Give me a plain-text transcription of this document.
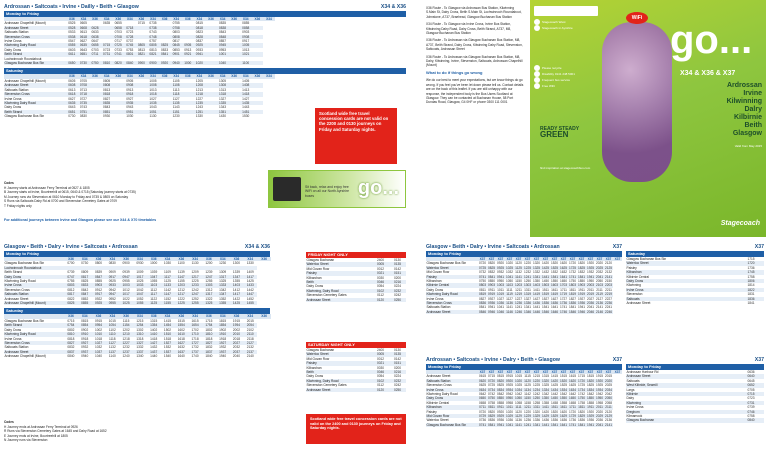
Ardrossan • Saltcoats • Irvine • Dailly • Beith • Glasgow	X34 & X36
Monday to Friday
	X36	X34	X36	X34	X36	X34	X36	X34	X36	X34	X36	X34	X36	X34	X36	X34	X36	X34
Ardrossan Chapelhill (Mount)	0525	0605		0635	0655		0715	0735		0755		0815		0835		0855		
Ardrossan Street	0528	0608	0628		0658	0718		0738		0758		0818		0838		0858		
Saltcoats Station	0533	0613	0633		0703	0723		0743		0803		0823		0843		0903		
Stevenston Cross	0538	0618	0638		0708	0728		0748		0808		0828		0848		0908		
Irvine Cross	0547	0627	0647		0717	0737		0757		0817		0837		0857		0917		
Kilwinning Dalry Road	0555	0635	0655	0715	0725	0745	0805	0805	0825	0845	0905	0925		0945		1005		
Dalry Cross	0603	0643	0703	0723	0733	0753	0813	0813	0833	0853	0913	0933		0953		1013		
Beith Strand	0611	0651	0711	0731	0741	0801	0821	0821	0841	0901	0921	0941		1001		1021		
Lochwinnoch Roundabout																		
Glasgow Buchanan Bus Stn	0650	0730	0750	0810	0820	0840	0900	0900	0920	0940	1000	1020		1040		1100		
Saturday
	X36	X34	X36	X34	X36	X34	X36	X34	X36	X34	X36	X34	X36	X34	X36	X34	X36	X34
Ardrossan Chapelhill (Mount)	0605	0705		0805		0905		1005		1105		1205		1305		1405		
Ardrossan Street	0608	0708		0808		0908		1008		1108		1208		1308		1408		
Saltcoats Station	0613	0713		0813		0913		1013		1113		1213		1313		1413		
Stevenston Cross	0618	0718		0818		0918		1018		1118		1218		1318		1418		
Irvine Cross	0627	0727		0827		0927		1027		1127		1227		1327		1427		
Kilwinning Dalry Road	0635	0735		0835		0935		1035		1135		1235		1335		1435		
Dalry Cross	0643	0743		0843		0943		1043		1143		1243		1343		1443		
Beith Strand	0651	0751		0851		0951		1051		1151		1251		1351		1451		
Glasgow Buchanan Bus Stn	0730	0830		0930		1030		1130		1230		1330		1430		1530		
Codes
H Journey starts at Ardrossan Ferry Terminal at 0527 & 1805
B Journey starts at Irvine, Bourtreehill at 0615, 0640 & 0715 (Saturday journey starts at 0735)
M Journey runs via Stevenston at 0610 Monday to Friday and 0735 & 0805 on Saturday
S Runs via Saltcoats Dalry Rd at 0700 and Stevenston Cemetery Gates at 0709
T Friday nights only
For additional journeys between Irvine and Glasgow please see our X44 & X70 timetables
Scotland wide free travel concession cards are not valid on the 2200 and 0130 journeys on Friday and Saturday nights.
Sit back, relax and enjoy free WiFi on all our North Ayrshire buses	go...
Glasgow • Beith • Dalry • Irvine • Saltcoats • Ardrossan	X34 & X36
Monday to Friday
	X36	X34	X36	X34	X36	X34	X36	X34	X36	X34	X36	X34	X36	X34	X36
Glasgow Buchanan Bus Stn	0700	0730	0800	0830	0900	0930	1000	1030	1100	1130	1200	1230	1300	1330	
Lochwinnoch Roundabout															
Beith Strand	0739	0809	0839	0909	0939	1009	1039	1109	1139	1209	1239	1309	1339	1409	
Dalry Cross	0747	0817	0847	0917	0947	1017	1047	1117	1147	1217	1247	1317	1347	1417	
Kilwinning Dalry Road	0755	0825	0855	0925	0955	1025	1055	1125	1155	1225	1255	1325	1355	1425	
Irvine Cross	0803	0833	0903	0933	1003	1033	1103	1133	1203	1233	1303	1333	1403	1433	
Stevenston Cross	0812	0842	0912	0942	1012	1042	1112	1142	1212	1242	1312	1342	1412	1442	
Saltcoats Station	0817	0847	0917	0947	1017	1047	1117	1147	1217	1247	1317	1347	1417	1447	
Ardrossan Street	0822	0852	0922	0952	1022	1052	1122	1152	1222	1252	1322	1352	1422	1452	
Ardrossan Chapelhill (Mount)	0825	0855	0925	0955	1025	1055	1125	1155	1225	1255	1325	1355	1425	1455	
Saturday
	X36	X34	X36	X34	X36	X34	X36	X34	X36	X34	X36	X34	X36	X34	X36
Glasgow Buchanan Bus Stn	0715	0815	0915	1015	1115	1215	1315	1415	1515	1615	1715	1815	1915	2015	
Beith Strand	0754	0854	0954	1054	1154	1254	1354	1454	1554	1654	1754	1854	1954	2054	
Dalry Cross	0802	0902	1002	1102	1202	1302	1402	1502	1602	1702	1802	1902	2002	2102	
Kilwinning Dalry Road	0810	0910	1010	1110	1210	1310	1410	1510	1610	1710	1810	1910	2010	2110	
Irvine Cross	0818	0918	1018	1118	1218	1318	1418	1518	1618	1718	1818	1918	2018	2118	
Stevenston Cross	0827	0927	1027	1127	1227	1327	1427	1527	1627	1727	1827	1927	2027	2127	
Saltcoats Station	0832	0932	1032	1132	1232	1332	1432	1532	1632	1732	1832	1932	2032	2132	
Ardrossan Street	0837	0937	1037	1137	1237	1337	1437	1537	1637	1737	1837	1937	2037	2137	
Ardrossan Chapelhill (Mount)	0840	0940	1040	1140	1240	1340	1440	1540	1640	1740	1840	1940	2040	2140	
Codes
H Journey ends at Ardrossan Ferry Terminal at 0926
R Runs via Stevenston Cemetery Gates at 1645 and Dalry Road at 1652
E Journey ends at Irvine, Bourtreehill at 1805
N Journey runs via Stevenston
FRIDAY NIGHT ONLY
Glasgow Buchanan	2400	0130
Waterloo Street	0005	0135
Mid Govan Row	0012	0142
Paisley	0021	0151
Kilbarchan	0030	0200
Beith	0046	0216
Dalry Cross	0054	0224
Kilwinning, Dalry Road	0102	0232
Stevenston Cemetery Gates	0112	0242
Ardrossan Street	0120	0250
SATURDAY NIGHT ONLY
Glasgow Buchanan	2400	0130
Waterloo Street	0005	0135
Mid Govan Row	0012	0142
Paisley	0021	0151
Kilbarchan	0030	0200
Beith	0046	0216
Dalry Cross	0054	0224
Kilwinning, Dalry Road	0102	0232
Stevenston Cemetery Gates	0112	0242
Ardrossan Street	0120	0250
Scotland wide free travel concession cards are not valid on the 2400 and 0130 journeys on Friday and Saturday nights.

X36 Route - To Glasgow via Ardrossan Bus Station, Kilwinning S.Main St, Dalry Cross, Beith S.Main St, Lochwinnoch Roundabout, Johnstone, A737, Braehead, Glasgow Buchanan Bus Station

X34 Route - To Glasgow via Irvine Cross, Irvine Bus Station, Kilwinning Dalry Road, Dalry Cross, Beith Strand, A737, M8, Glasgow Buchanan Bus Station

X36 Route - To Ardrossan via Glasgow Buchanan Bus Station, M8, A737, Beith Strand, Dalry Cross, Kilwinning Dalry Road, Stevenston, Saltcoats, Ardrossan Street

X36 Route - To Ardrossan via Glasgow Buchanan Bus Station, M8, Dalry, Kilwinning, Irvine, Stevenston, Saltcoats, Ardrossan Chapelhill (Mount)

What to do if things go wrong

We do our best to meet your expectations, but we know things do go wrong. If you feel you've been let down please tell us. Contact details are on the back of this leaflet. If you are still unhappy with our response, the independent body is the Bus Users Scotland at Glasgow. They can be contacted at Buchanan House, 58 Port Dundas Road, Glasgow, G4 0HF or phone 0300 111 0001

Stagecoach West
Stagecoach in Ayrshire
Please recycle
Disability 0141 248 5001
Frequent bus service
Free WiFi
READY STEADY
GREEN
find inspiration at stagecoachbus.com
WiFi go...
X34 & X36 & X37
Ardrossan
Irvine
Kilwinning
Dalry
Kilbirnie
Beith
Glasgow
Valid from May 2015
Stagecoach
Glasgow • Beith • Dalry • Irvine • Saltcoats • Ardrossan	X37
Monday to Friday
	X37	X37	X37	X37	X37	X37	X37	X37	X37	X37	X37	X37	X37	X37	X37	X37
Glasgow Buchanan Bus Stn	0720	0820	0920	1020	1120	1220	1320	1420	1520	1620	1720	1820	1920	2020	2120	
Waterloo Street	0725	0825	0925	1025	1125	1225	1325	1425	1525	1625	1725	1825	1925	2025	2125	
Mid Govan Row	0732	0832	0932	1032	1132	1232	1332	1432	1532	1632	1732	1832	1932	2032	2132	
Paisley	0741	0841	0941	1041	1141	1241	1341	1441	1541	1641	1741	1841	1941	2041	2141	
Kilbarchan	0750	0850	0950	1050	1150	1250	1350	1450	1550	1650	1750	1850	1950	2050	2150	
Kilbirnie Central	0803	0903	1003	1103	1203	1303	1403	1503	1603	1703	1803	1903	2003	2103	2203	
Dalry Cross	0811	0911	1011	1111	1211	1311	1411	1511	1611	1711	1811	1911	2011	2111	2211	
Kilwinning Dalry Road	0819	0919	1019	1119	1219	1319	1419	1519	1619	1719	1819	1919	2019	2119	2219	
Irvine Cross	0827	0927	1027	1127	1227	1327	1427	1527	1627	1727	1827	1927	2027	2127	2227	
Stevenston Cross	0836	0936	1036	1136	1236	1336	1436	1536	1636	1736	1836	1936	2036	2136	2236	
Saltcoats Station	0841	0941	1041	1141	1241	1341	1441	1541	1641	1741	1841	1941	2041	2141	2241	
Ardrossan Street	0846	0946	1046	1146	1246	1346	1446	1546	1646	1746	1846	1946	2046	2146	2246	
X37
Saturday
Glasgow Buchanan Bus Stn	1715
Waterloo Street	1720
Paisley	1736
Kilbarchan	1745
Kilbirnie Central	1758
Dalry Cross	1806
Kilwinning	1814
Irvine Cross	1822
Stevenston	1831
Saltcoats	1836
Ardrossan Street	1841
Ardrossan • Saltcoats • Irvine • Dalry • Beith • Glasgow	X37
Monday to Friday
	X37	X37	X37	X37	X37	X37	X37	X37	X37	X37	X37	X37	X37	X37	X37	X37
Ardrossan Street	0615	0715	0815	0915	1015	1115	1215	1315	1415	1515	1615	1715	1815	1915	2015	
Saltcoats Station	0620	0720	0820	0920	1020	1120	1220	1320	1420	1520	1620	1720	1820	1920	2020	
Stevenston Cross	0625	0725	0825	0925	1025	1125	1225	1325	1425	1525	1625	1725	1825	1925	2025	
Irvine Cross	0634	0734	0834	0934	1034	1134	1234	1334	1434	1534	1634	1734	1834	1934	2034	
Kilwinning Dalry Road	0642	0742	0842	0942	1042	1142	1242	1342	1442	1542	1642	1742	1842	1942	2042	
Dalry Cross	0650	0750	0850	0950	1050	1150	1250	1350	1450	1550	1650	1750	1850	1950	2050	
Kilbirnie Central	0658	0758	0858	0958	1058	1158	1258	1358	1458	1558	1658	1758	1858	1958	2058	
Kilbarchan	0711	0811	0911	1011	1111	1211	1311	1411	1511	1611	1711	1811	1911	2011	2111	
Paisley	0720	0820	0920	1020	1120	1220	1320	1420	1520	1620	1720	1820	1920	2020	2120	
Mid Govan Row	0729	0829	0929	1029	1129	1229	1329	1429	1529	1629	1729	1829	1929	2029	2129	
Waterloo Street	0736	0836	0936	1036	1136	1236	1336	1436	1536	1636	1736	1836	1936	2036	2136	
Glasgow Buchanan Bus Stn	0741	0841	0941	1041	1141	1241	1341	1441	1541	1641	1741	1841	1941	2041	2141	
X37
Monday to Friday
Ardrossan Harbour Rd	0636
Ardrossan Street	0640
Saltcoats	0645
West Kilbride, Seamill	0652
Largs	0705
Kilbirnie	0715
Dalry	0723
Kilwinning	0731
Irvine Cross	0739
Dreghorn	0746
Kilmarnock	0758
Glasgow Buchanan	0840
